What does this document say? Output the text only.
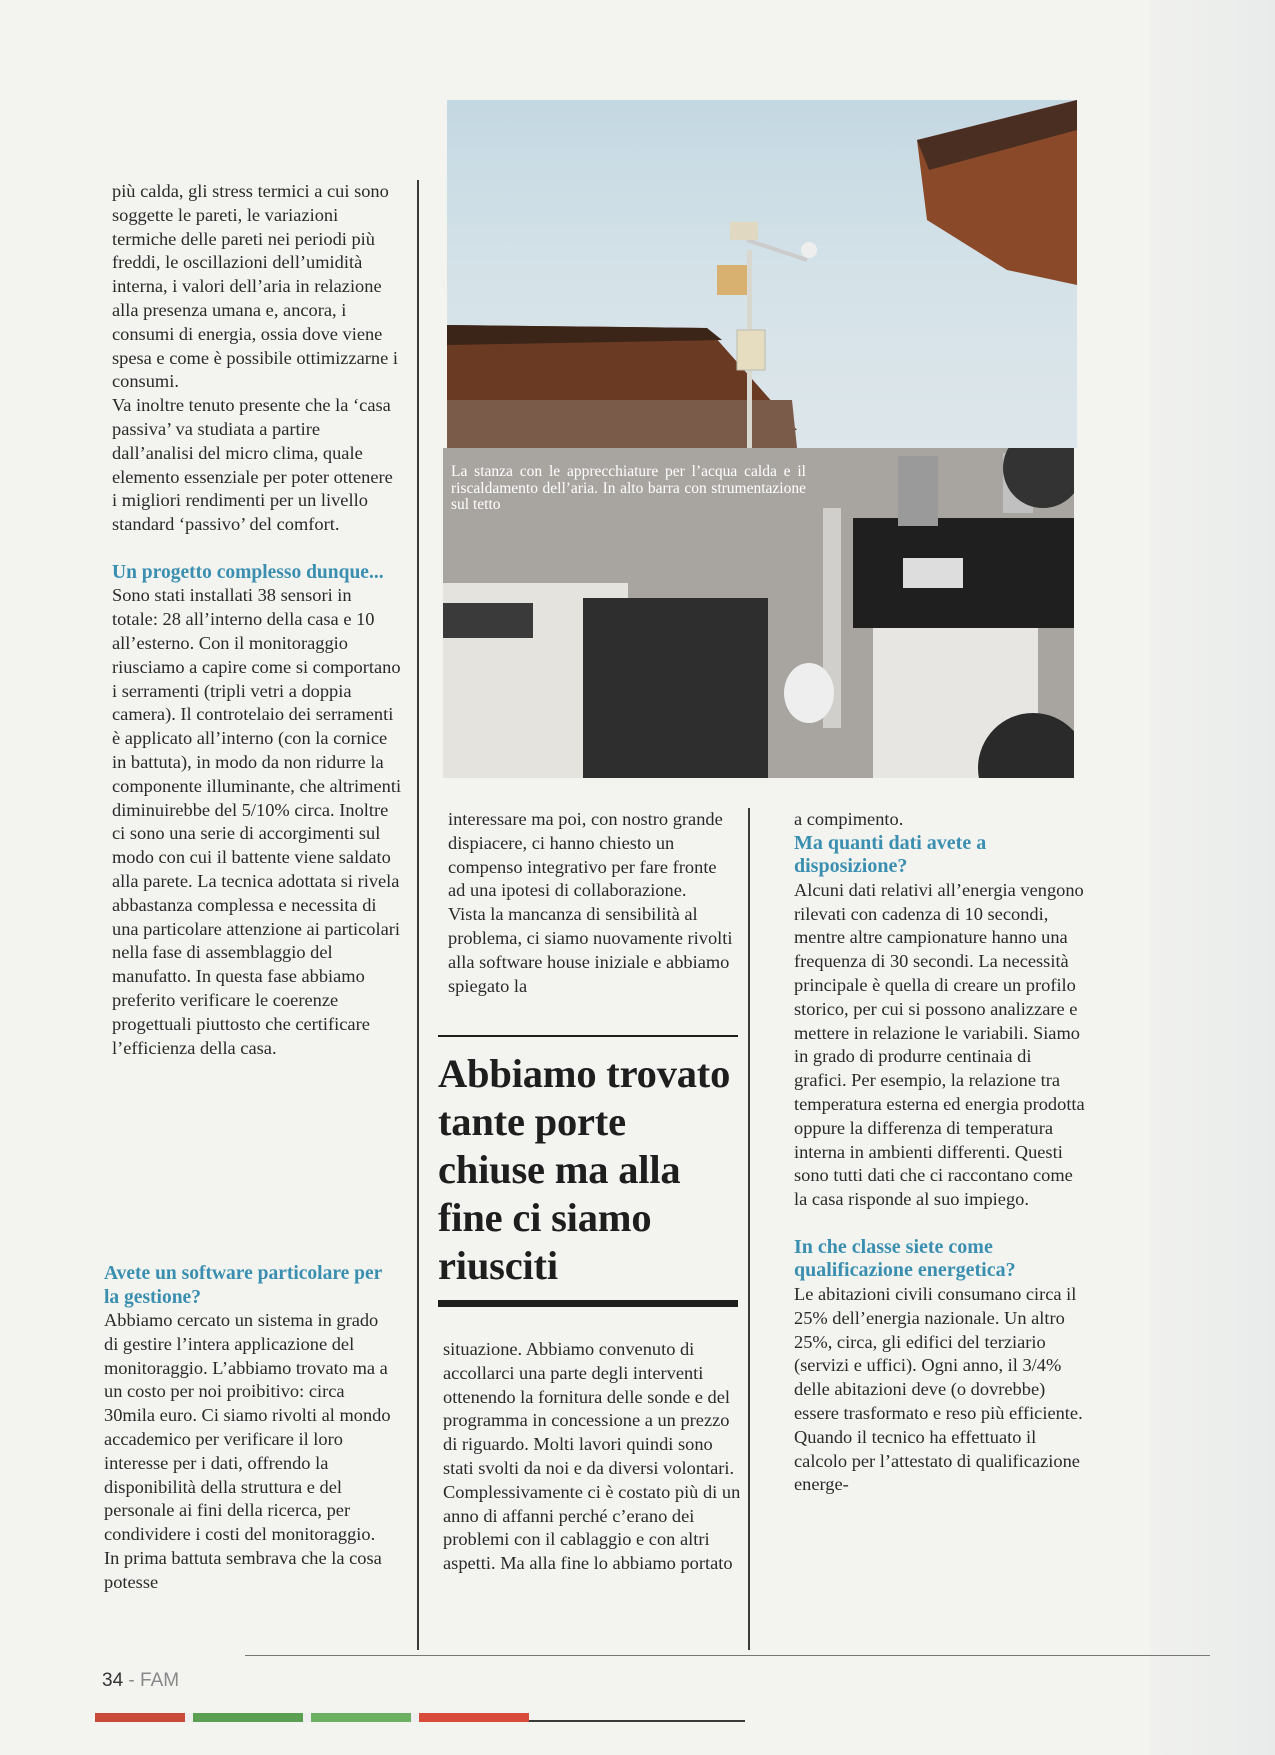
più calda, gli stress termici a cui sono soggette le pareti, le variazioni termiche delle pareti nei periodi più freddi, le oscillazioni dell’umidità interna, i valori dell’aria in relazione alla presenza umana e, ancora, i consumi di energia, ossia dove viene spesa e come è possibile ottimizzarne i consumi.

Va inoltre tenuto presente che la ‘casa passiva’ va studiata a partire dall’analisi del micro clima, quale elemento essenziale per poter ottenere i migliori rendimenti per un livello standard ‘passivo’ del comfort.

Un progetto complesso dunque...

Sono stati installati 38 sensori in totale: 28 all’interno della casa e 10 all’esterno. Con il monitoraggio riusciamo a capire come si comportano i serramenti (tripli vetri a doppia camera). Il controtelaio dei serramenti è applicato all’interno (con la cornice in battuta), in modo da non ridurre la componente illuminante, che altrimenti diminuirebbe del 5/10% circa. Inoltre ci sono una serie di accorgimenti sul modo con cui il battente viene saldato alla parete. La tecnica adottata si rivela abbastanza complessa e necessita di una particolare attenzione ai particolari nella fase di assemblaggio del manufatto. In questa fase abbiamo preferito verificare le coerenze progettuali piuttosto che certificare l’efficienza della casa.

Avete un software particolare per la gestione?

Abbiamo cercato un sistema in grado di gestire l’intera applicazione del monitoraggio. L’abbiamo trovato ma a un costo per noi proibitivo: circa 30mila euro. Ci siamo rivolti al mondo accademico per verificare il loro interesse per i dati, offrendo la disponibilità della struttura e del personale ai fini della ricerca, per condividere i costi del monitoraggio. In prima battuta sembrava che la cosa potesse

La stanza con le apprecchiature per l’acqua calda e il riscaldamento dell’aria. In alto barra con strumentazione sul tetto

interessare ma poi, con nostro grande dispiacere, ci hanno chiesto un compenso integrativo per fare fronte ad una ipotesi di collaborazione.

Vista la mancanza di sensibilità al problema, ci siamo nuovamente rivolti alla software house iniziale e abbiamo spiegato la

Abbiamo trovato tante porte chiuse ma alla fine ci siamo riusciti

situazione. Abbiamo convenuto di accollarci una parte degli interventi ottenendo la fornitura delle sonde e del programma in concessione a un prezzo di riguardo. Molti lavori quindi sono stati svolti da noi e da diversi volontari. Complessivamente ci è costato più di un anno di affanni perché c’erano dei problemi con il cablaggio e con altri aspetti. Ma alla fine lo abbiamo portato

a compimento.

Ma quanti dati avete a disposizione?

Alcuni dati relativi all’energia vengono rilevati con cadenza di 10 secondi, mentre altre campionature hanno una frequenza di 30 secondi. La necessità principale è quella di creare un profilo storico, per cui si possono analizzare e mettere in relazione le variabili. Siamo in grado di produrre centinaia di grafici. Per esempio, la relazione tra temperatura esterna ed energia prodotta oppure la differenza di temperatura interna in ambienti differenti. Questi sono tutti dati che ci raccontano come la casa risponde al suo impiego.

In che classe siete come qualificazione energetica?

Le abitazioni civili consumano circa il 25% dell’energia nazionale. Un altro 25%, circa, gli edifici del terziario (servizi e uffici). Ogni anno, il 3/4% delle abitazioni deve (o dovrebbe) essere trasformato e reso più efficiente. Quando il tecnico ha effettuato il calcolo per l’attestato di qualificazione energe-

34 - FAM
